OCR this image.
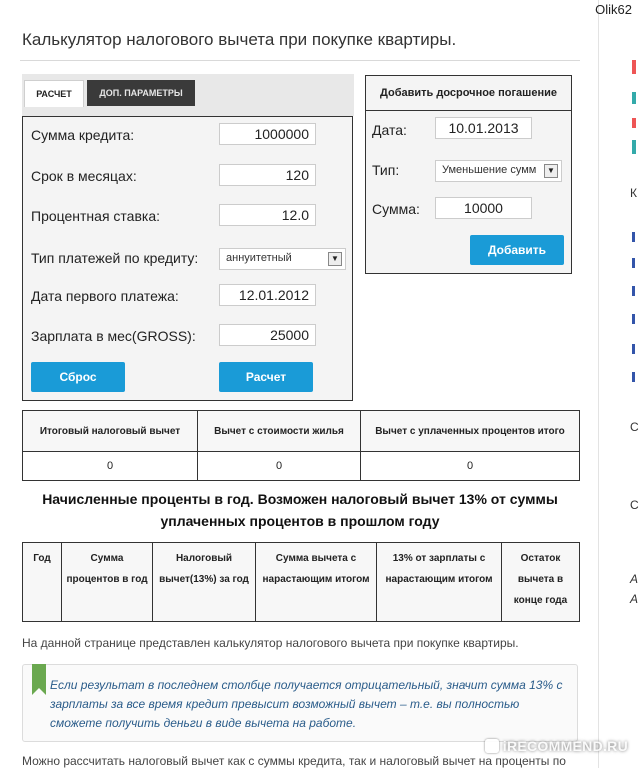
Olik62
Калькулятор налогового вычета при покупке квартиры.
РАСЧЕТ	ДОП. ПАРАМЕТРЫ
Сумма кредита:	1000000
Срок в месяцах:	120
Процентная ставка:	12.0
Тип платежей по кредиту:	аннуитетный	▼
Дата первого платежа:	12.01.2012
Зарплата в мес(GROSS):	25000
Сброс	Расчет
Добавить досрочное погашение
Дата:	10.01.2013
Тип:	Уменьшение сумм	▼
Сумма:	10000
Добавить
Итоговый налоговый вычет	Вычет с стоимости жилья	Вычет с уплаченных процентов итого
0	0	0
Начисленные проценты в год. Возможен налоговый вычет 13% от суммы уплаченных процентов в прошлом году
Год	Сумма процентов в год	Налоговый вычет(13%) за год	Сумма вычета с нарастающим итогом	13% от зарплаты с нарастающим итогом	Остаток вычета в конце года
На данной странице представлен калькулятор налогового вычета при покупке квартиры.
Если результат в последнем столбце получается отрицательный, значит сумма 13% с зарплаты за все время кредит превысит возможный вычет – т.е. вы полностью сможете получить деньги в виде вычета на работе.
Можно рассчитать налоговый вычет как с суммы кредита, так и налоговый вычет на проценты по
К
С
С
А
А
iRECOMMEND.RU
